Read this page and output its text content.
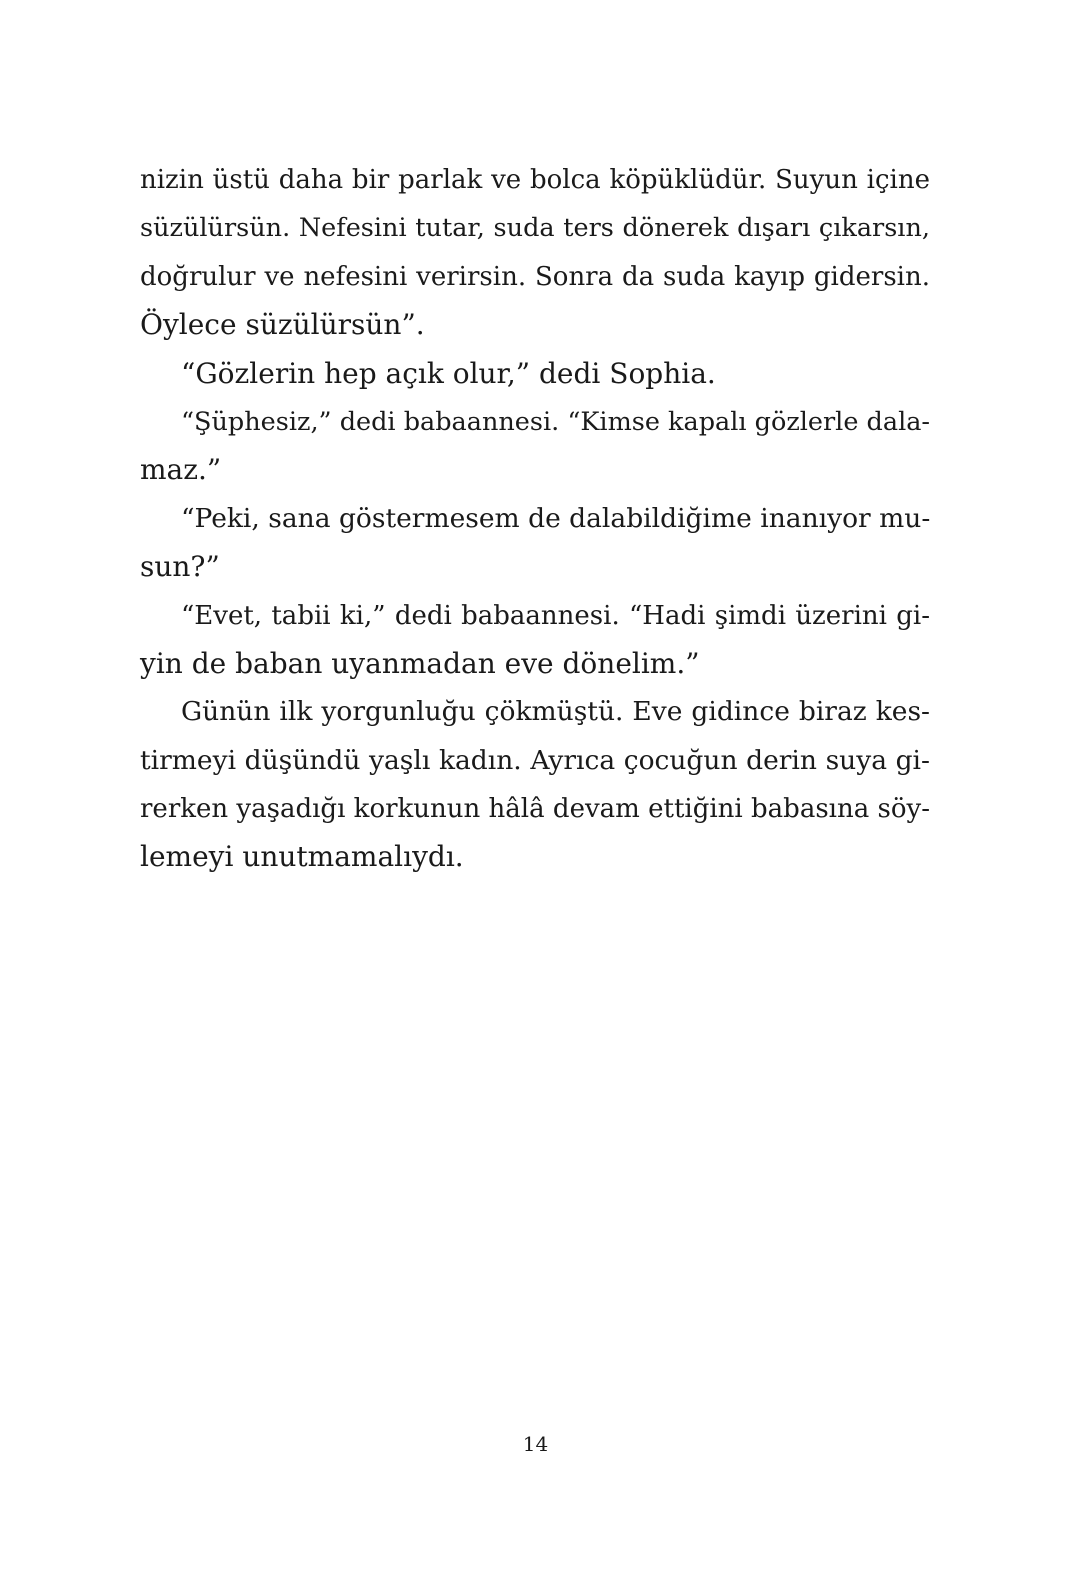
nizin üstü daha bir parlak ve bolca köpüklüdür. Suyun içine
süzülürsün. Nefesini tutar, suda ters dönerek dışarı çıkarsın,
doğrulur ve nefesini verirsin. Sonra da suda kayıp gidersin.
Öylece süzülürsün”.
“Gözlerin hep açık olur,” dedi Sophia.
“Şüphesiz,” dedi babaannesi. “Kimse kapalı gözlerle dala-
maz.”
“Peki, sana göstermesem de dalabildiğime inanıyor mu-
sun?”
“Evet, tabii ki,” dedi babaannesi. “Hadi şimdi üzerini gi-
yin de baban uyanmadan eve dönelim.”
Günün ilk yorgunluğu çökmüştü. Eve gidince biraz kes-
tirmeyi düşündü yaşlı kadın. Ayrıca çocuğun derin suya gi-
rerken yaşadığı korkunun hâlâ devam ettiğini babasına söy-
lemeyi unutmamalıydı.
14
